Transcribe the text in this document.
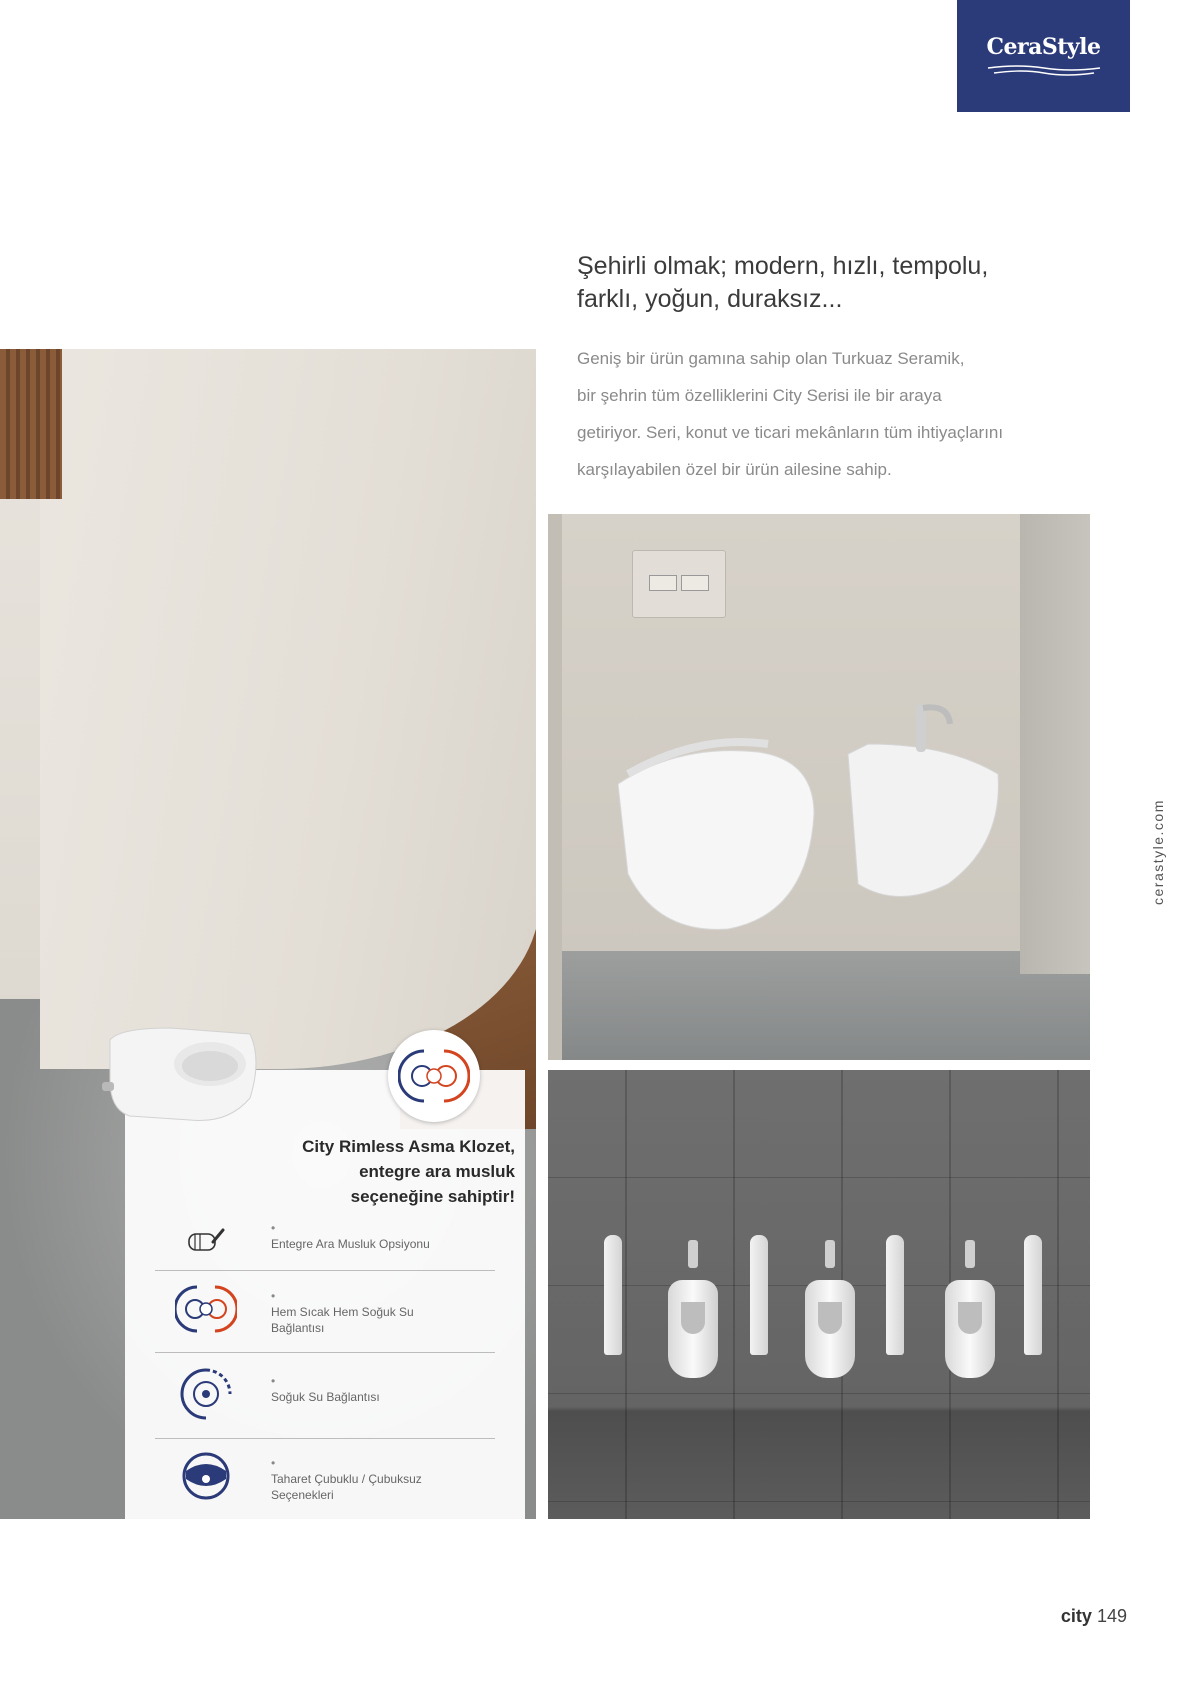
CeraStyle
Şehirli olmak; modern, hızlı, tempolu,
farklı, yoğun, duraksız...
Geniş bir ürün gamına sahip olan Turkuaz Seramik,
bir şehrin tüm özelliklerini City Serisi ile bir araya
getiriyor. Seri, konut ve ticari mekânların tüm ihtiyaçlarını
karşılayabilen özel bir ürün ailesine sahip.
City Rimless Asma Klozet,
entegre ara musluk
seçeneğine sahiptir!
• Entegre Ara Musluk Opsiyonu
• Hem Sıcak Hem Soğuk Su
Bağlantısı
• Soğuk Su Bağlantısı
• Taharet Çubuklu / Çubuksuz
Seçenekleri
cerastyle.com
city 149
